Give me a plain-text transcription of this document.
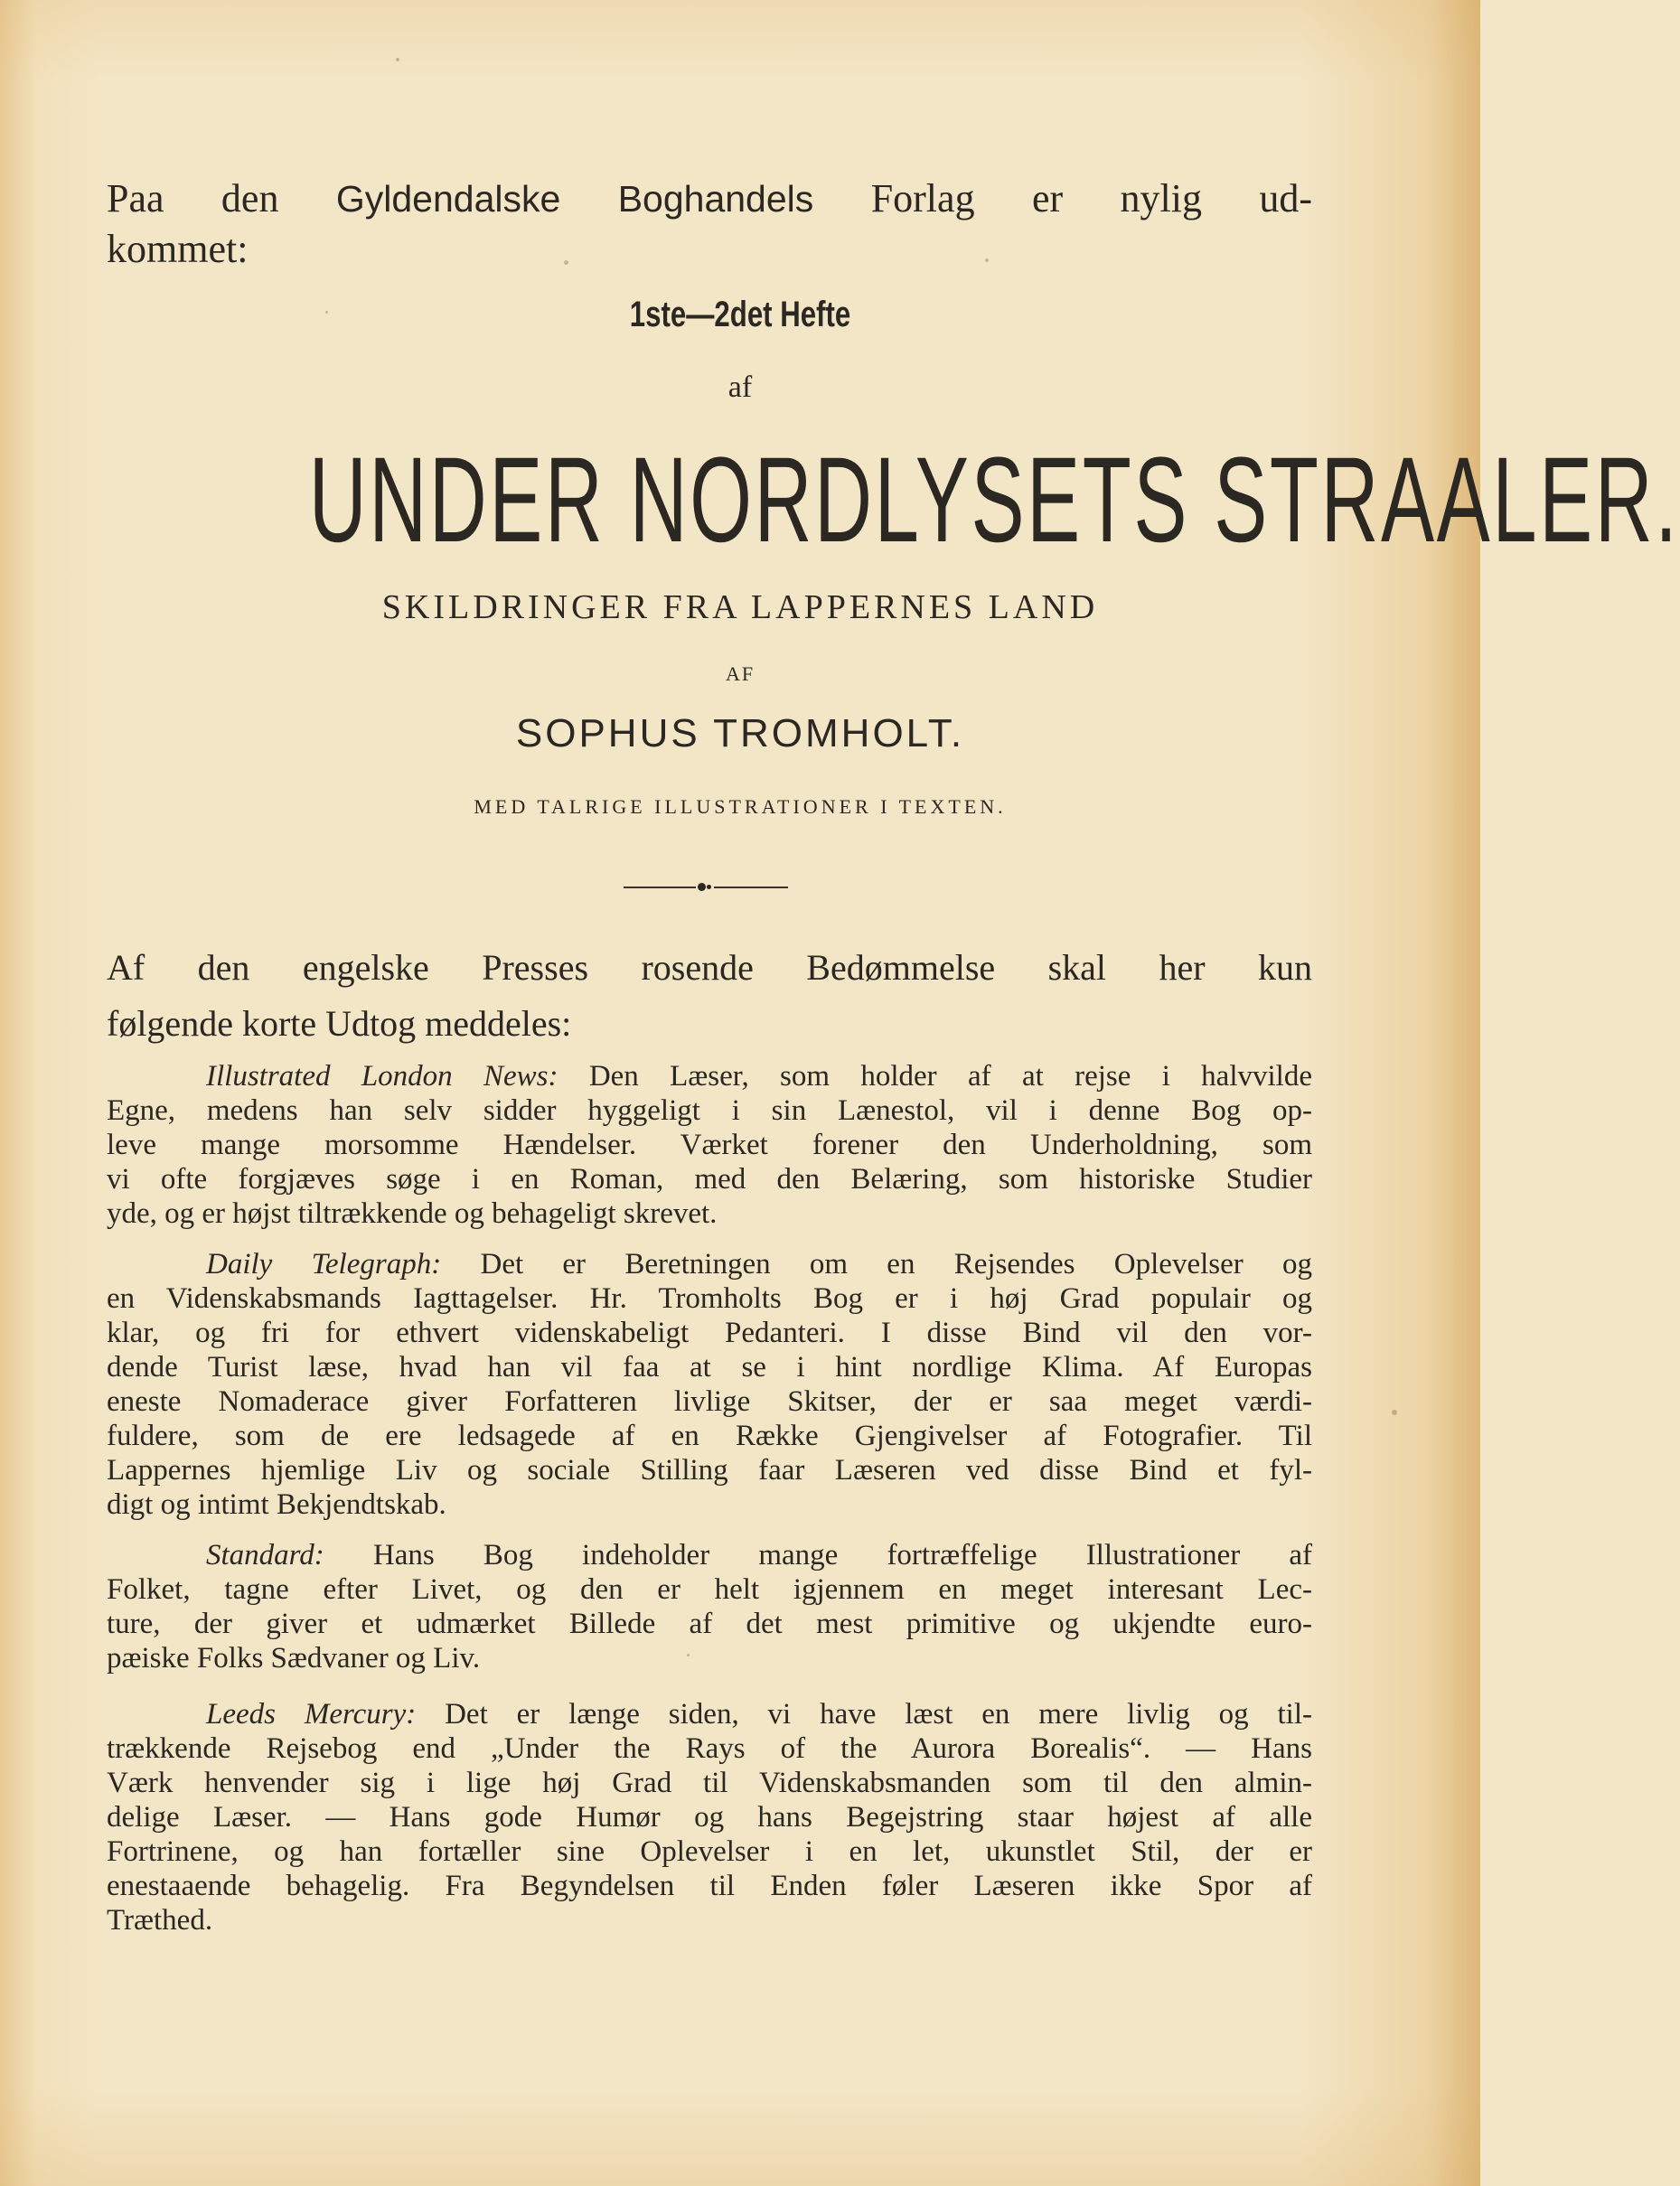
Paa den Gyldendalske Boghandels Forlag er nylig ud-
kommet:
1ste—2det Hefte
af
UNDER NORDLYSETS STRAALER.
SKILDRINGER FRA LAPPERNES LAND
AF
SOPHUS TROMHOLT.
MED TALRIGE ILLUSTRATIONER I TEXTEN.
Af den engelske Presses rosende Bedømmelse skal her kun
følgende korte Udtog meddeles:
Illustrated London News: Den Læser, som holder af at rejse i halvvilde
Egne, medens han selv sidder hyggeligt i sin Lænestol, vil i denne Bog op-
leve mange morsomme Hændelser. Værket forener den Underholdning, som
vi ofte forgjæves søge i en Roman, med den Belæring, som historiske Studier
yde, og er højst tiltrækkende og behageligt skrevet.
Daily Telegraph: Det er Beretningen om en Rejsendes Oplevelser og
en Videnskabsmands Iagttagelser. Hr. Tromholts Bog er i høj Grad populair og
klar, og fri for ethvert videnskabeligt Pedanteri. I disse Bind vil den vor-
dende Turist læse, hvad han vil faa at se i hint nordlige Klima. Af Europas
eneste Nomaderace giver Forfatteren livlige Skitser, der er saa meget værdi-
fuldere, som de ere ledsagede af en Række Gjengivelser af Fotografier. Til
Lappernes hjemlige Liv og sociale Stilling faar Læseren ved disse Bind et fyl-
digt og intimt Bekjendtskab.
Standard: Hans Bog indeholder mange fortræffelige Illustrationer af
Folket, tagne efter Livet, og den er helt igjennem en meget interesant Lec-
ture, der giver et udmærket Billede af det mest primitive og ukjendte euro-
pæiske Folks Sædvaner og Liv.
Leeds Mercury: Det er længe siden, vi have læst en mere livlig og til-
trækkende Rejsebog end „Under the Rays of the Aurora Borealis“. — Hans
Værk henvender sig i lige høj Grad til Videnskabsmanden som til den almin-
delige Læser. — Hans gode Humør og hans Begejstring staar højest af alle
Fortrinene, og han fortæller sine Oplevelser i en let, ukunstlet Stil, der er
enestaaende behagelig. Fra Begyndelsen til Enden føler Læseren ikke Spor af
Træthed.
